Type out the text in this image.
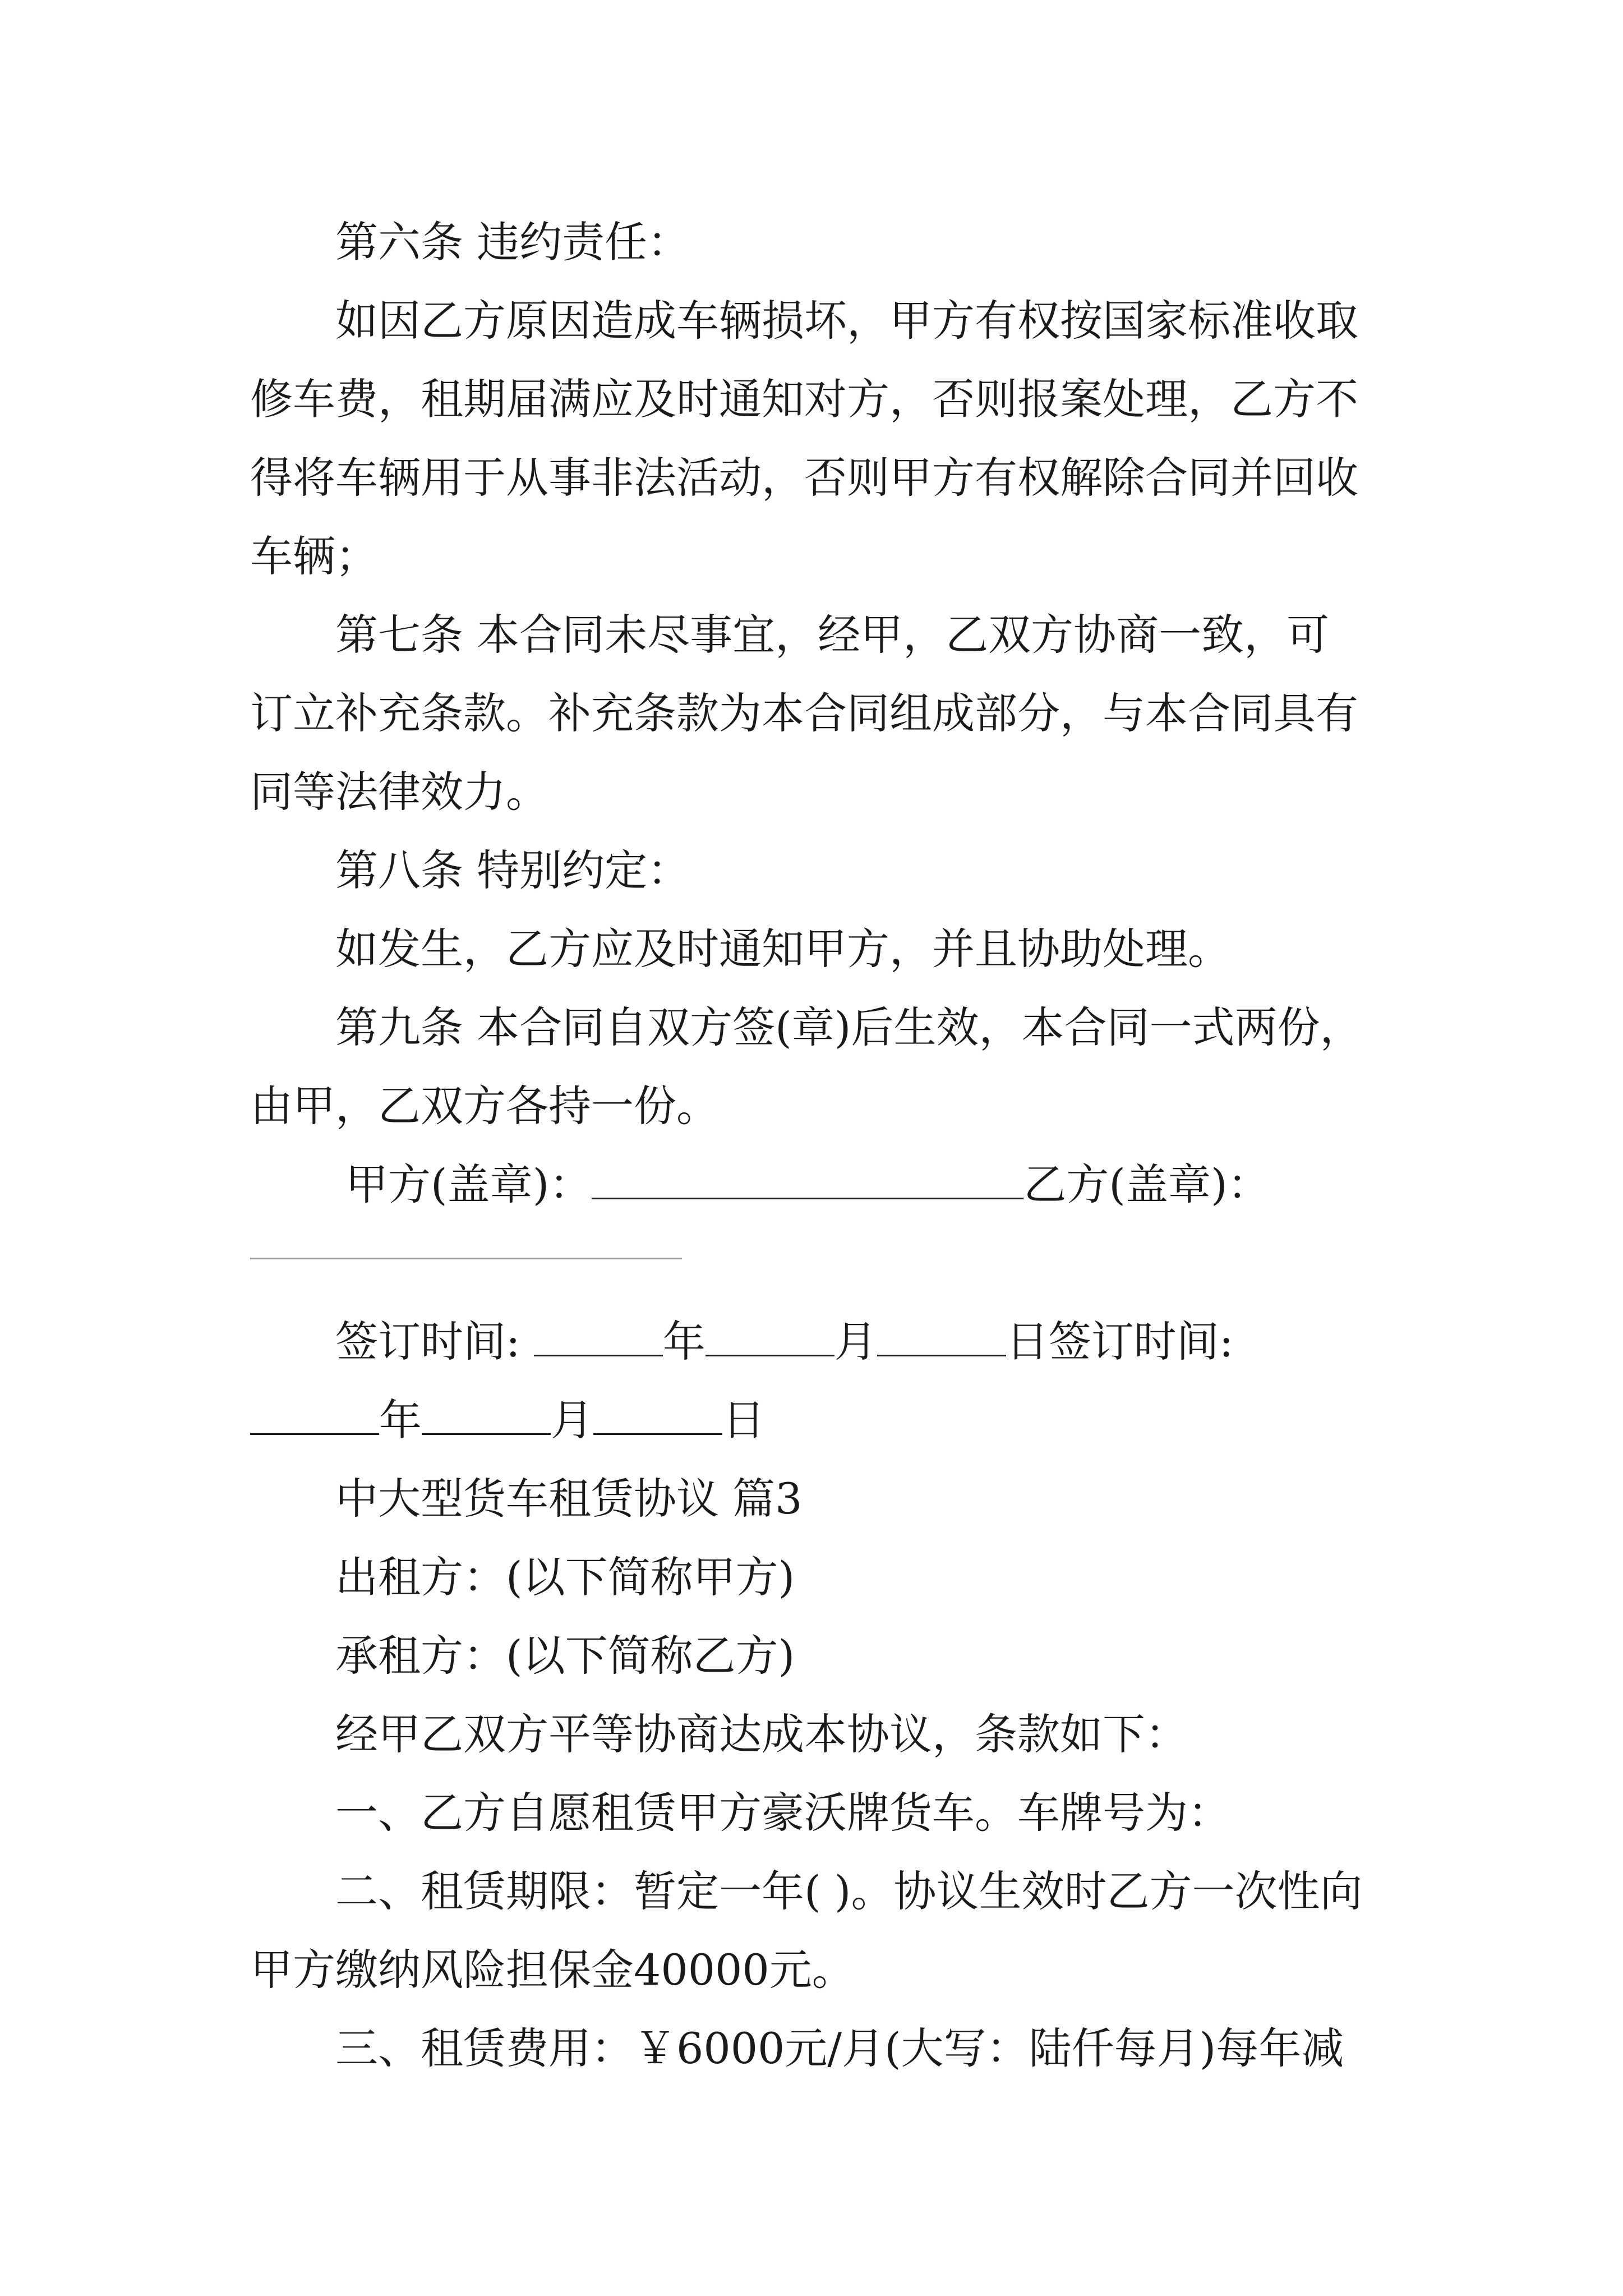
第六条 违约责任：

如因乙方原因造成车辆损坏，甲方有权按国家标准收取修车费，租期届满应及时通知对方，否则报案处理，乙方不得将车辆用于从事非法活动，否则甲方有权解除合同并回收车辆；

第七条 本合同未尽事宜，经甲，乙双方协商一致，可订立补充条款。补充条款为本合同组成部分，与本合同具有同等法律效力。

第八条 特别约定：

如发生，乙方应及时通知甲方，并且协助处理。

第九条 本合同自双方签(章)后生效，本合同一式两份，由甲，乙双方各持一份。

甲方(盖章)：	乙方(盖章)：
签订时间:	年	月	日签订时间: 年	月	日

中大型货车租赁协议 篇3

出租方：(以下简称甲方)

承租方：(以下简称乙方)

经甲乙双方平等协商达成本协议，条款如下：

一、乙方自愿租赁甲方豪沃牌货车。车牌号为：

二、租赁期限：暂定一年( )。协议生效时乙方一次性向甲方缴纳风险担保金40000元。

三、租赁费用：￥6000元/月(大写：陆仟每月)每年减
